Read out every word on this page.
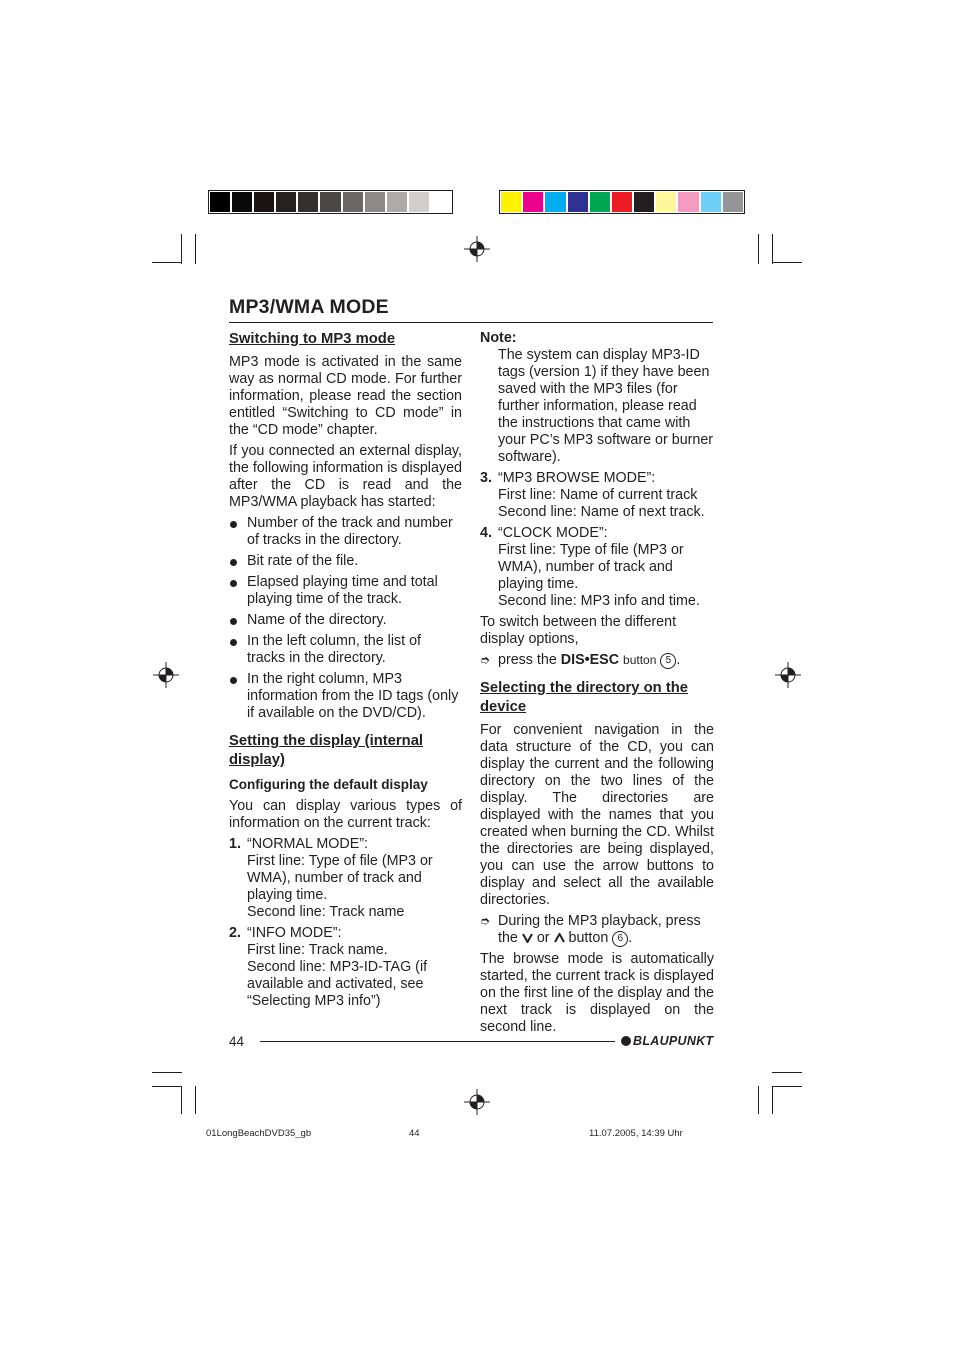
MP3/WMA MODE
Switching to MP3 mode

MP3 mode is activated in the same way as normal CD mode. For further information, please read the section entitled “Switching to CD mode” in the “CD mode” chapter.

If you connected an external display, the following information is displayed after the CD is read and the MP3/WMA playback has started:

Number of the track and number of tracks in the directory.
Bit rate of the file.
Elapsed playing time and total playing time of the track.
Name of the directory.
In the left column, the list of tracks in the directory.
In the right column, MP3 information from the ID tags (only if available on the DVD/CD).
Setting the display (internal display)
Configuring the default display

You can display various types of information on the current track:

1. “NORMAL MODE”:
First line: Type of file (MP3 or WMA), number of track and playing time.
Second line: Track name
2. “INFO MODE”:
First line: Track name.
Second line: MP3-ID-TAG (if available and activated, see “Selecting MP3 info”)
Note:

The system can display MP3-ID tags (version 1) if they have been saved with the MP3 files (for further information, please read the instructions that came with your PC’s MP3 software or burner software).

3. “MP3 BROWSE MODE”:
First line: Name of current track
Second line: Name of next track.
4. “CLOCK MODE”:
First line: Type of file (MP3 or WMA), number of track and playing time.
Second line: MP3 info and time.

To switch between the different display options,

➮ press the DIS•ESC button 5 .
Selecting the directory on the device

For convenient navigation in the data structure of the CD, you can display the current and the following directory on the two lines of the display. The directories are displayed with the names that you created when burning the CD. Whilst the directories are being displayed, you can use the arrow buttons to display and select all the available directories.

➮ During the MP3 playback, press the or button 6 .

The browse mode is automatically started, the current track is displayed on the first line of the display and the next track is displayed on the second line.

44	BLAUPUNKT
01LongBeachDVD35_gb	44	11.07.2005, 14:39 Uhr
